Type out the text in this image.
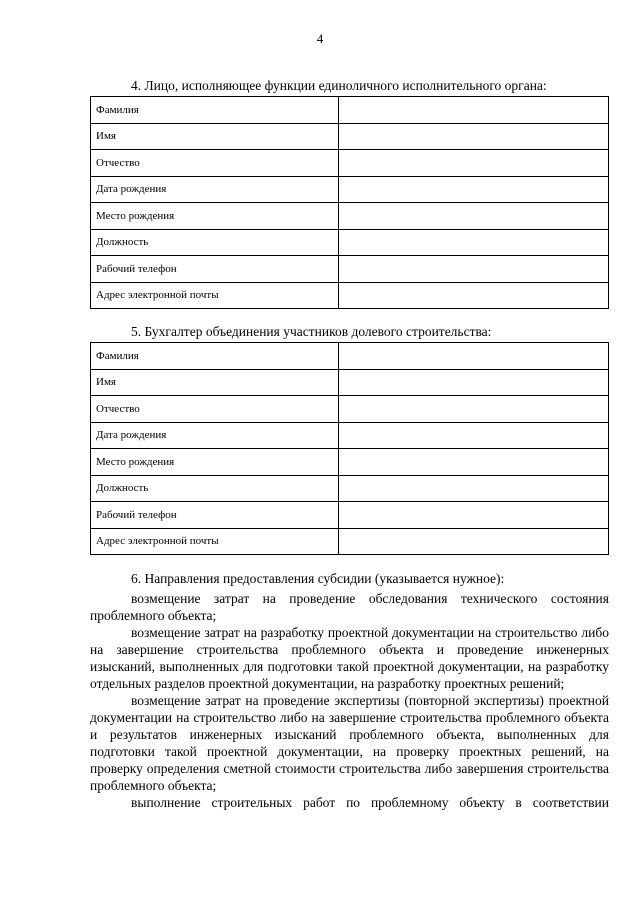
4
4. Лицо, исполняющее функции единоличного исполнительного органа:
Фамилия	
Имя	
Отчество	
Дата рождения	
Место рождения	
Должность	
Рабочий телефон	
Адрес электронной почты	
5. Бухгалтер объединения участников долевого строительства:
Фамилия	
Имя	
Отчество	
Дата рождения	
Место рождения	
Должность	
Рабочий телефон	
Адрес электронной почты	
6. Направления предоставления субсидии (указывается нужное):

возмещение затрат на проведение обследования технического состояния проблемного объекта;

возмещение затрат на разработку проектной документации на строительство либо на завершение строительства проблемного объекта и проведение инженерных изысканий, выполненных для подготовки такой проектной документации, на разработку отдельных разделов проектной документации, на разработку проектных решений;

возмещение затрат на проведение экспертизы (повторной экспертизы) проектной документации на строительство либо на завершение строительства проблемного объекта и результатов инженерных изысканий проблемного объекта, выполненных для подготовки такой проектной документации, на проверку проектных решений, на проверку определения сметной стоимости строительства либо завершения строительства проблемного объекта;

выполнение строительных работ по проблемному объекту в соответствии
